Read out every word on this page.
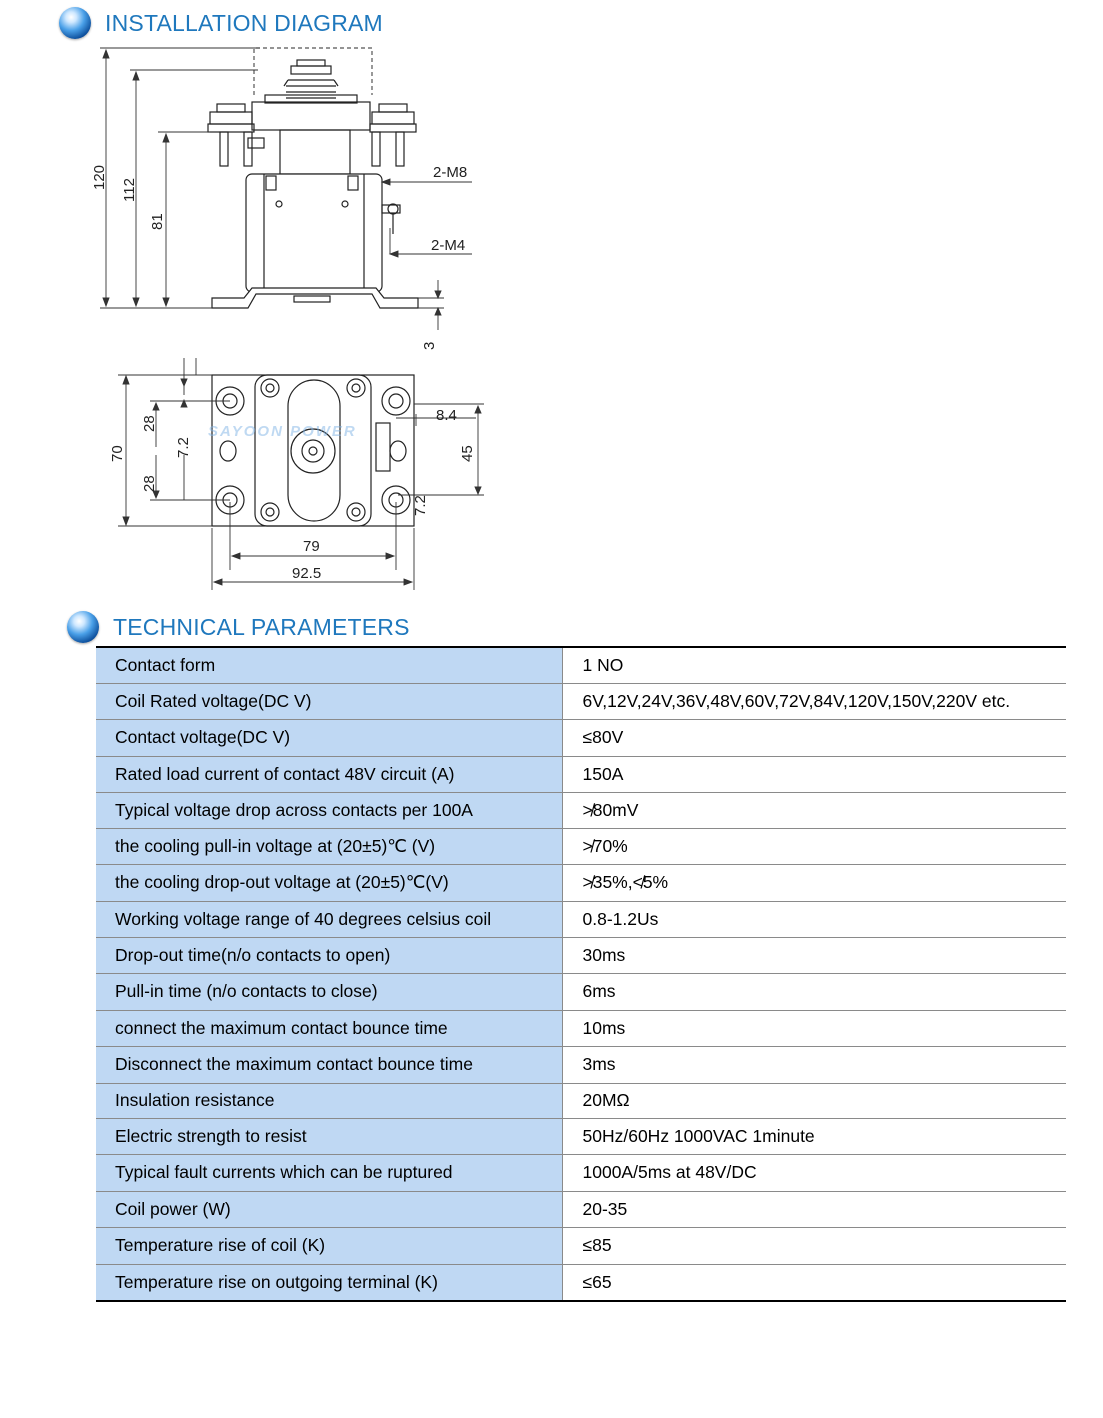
INSTALLATION DIAGRAM
120
112
81
3
2-M8
2-M4
SAYOON POWER
70
28
7.2
28
8.4
45
7.2
79
92.5
TECHNICAL PARAMETERS
Contact form	1 NO
Coil Rated voltage(DC V)	6V,12V,24V,36V,48V,60V,72V,84V,120V,150V,220V etc.
Contact voltage(DC V)	≤80V
Rated load current of contact 48V circuit (A)	150A
Typical voltage drop across contacts per 100A	≯80mV
the cooling pull-in voltage at (20±5)℃ (V)	≯70%
the cooling drop-out voltage at (20±5)℃(V)	≯35%,≮5%
Working voltage range of 40 degrees celsius coil	0.8-1.2Us
Drop-out time(n/o contacts to open)	30ms
Pull-in time (n/o contacts to close)	6ms
connect the maximum contact bounce time	10ms
Disconnect the maximum contact bounce time	3ms
Insulation resistance	20MΩ
Electric strength to resist	50Hz/60Hz 1000VAC 1minute
Typical fault currents which can be ruptured	1000A/5ms at 48V/DC
Coil power (W)	20-35
Temperature rise of coil (K)	≤85
Temperature rise on outgoing terminal (K)	≤65
